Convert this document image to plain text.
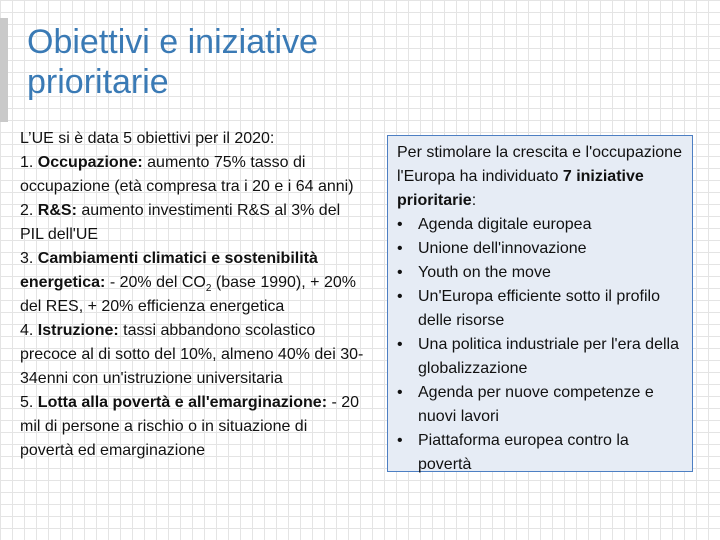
Obiettivi e iniziative
prioritarie

L’UE si è data 5 obiettivi per il 2020:

1. Occupazione: aumento 75% tasso di occupazione (età compresa tra i 20 e i 64 anni)

2. R&S: aumento investimenti R&S al 3% del PIL dell'UE

3. Cambiamenti climatici e sostenibilità energetica: - 20% del $CO_2$ (base 1990), + 20% del RES, + 20% efficienza energetica

4. Istruzione: tassi abbandono scolastico precoce al di sotto del 10%, almeno 40% dei 30-34enni con un'istruzione universitaria

5. Lotta alla povertà e all'emarginazione: - 20 mil di persone a rischio o in situazione di povertà ed emarginazione

Per stimolare la crescita e l'occupazione l'Europa ha individuato 7 iniziative prioritarie:

• Agenda digitale europea
• Unione dell'innovazione
• Youth on the move
• Un'Europa efficiente sotto il profilo delle risorse
• Una politica industriale per l'era della globalizzazione
• Agenda per nuove competenze e nuovi lavori
• Piattaforma europea contro la povertà
